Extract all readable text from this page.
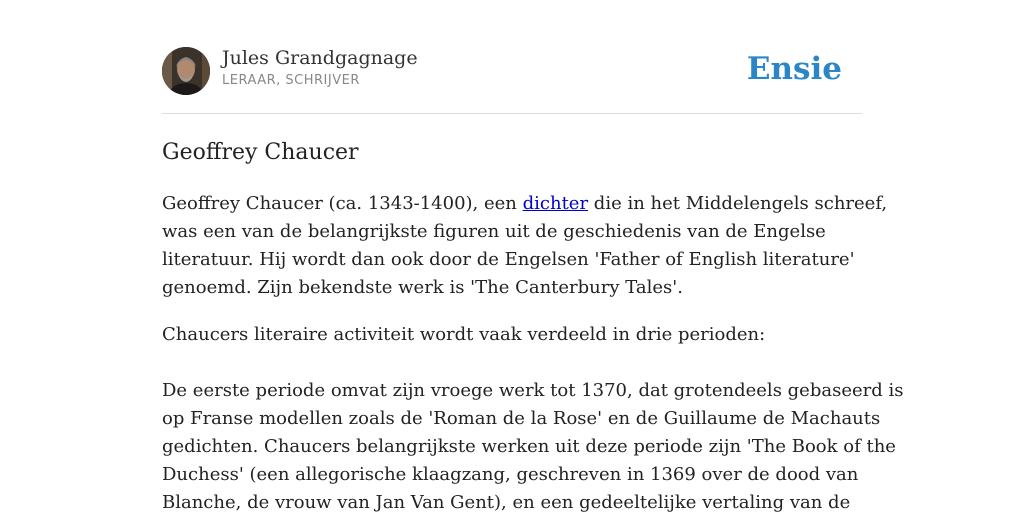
Jules Grandgagnage
LERAAR, SCHRIJVER	Ensie
Geoffrey Chaucer

Geoffrey Chaucer (ca. 1343-1400), een dichter die in het Middelengels schreef,
was een van de belangrijkste figuren uit de geschiedenis van de Engelse
literatuur. Hij wordt dan ook door de Engelsen 'Father of English literature'
genoemd. Zijn bekendste werk is 'The Canterbury Tales'.

Chaucers literaire activiteit wordt vaak verdeeld in drie perioden:

De eerste periode omvat zijn vroege werk tot 1370, dat grotendeels gebaseerd is
op Franse modellen zoals de 'Roman de la Rose' en de Guillaume de Machauts
gedichten. Chaucers belangrijkste werken uit deze periode zijn 'The Book of the
Duchess' (een allegorische klaagzang, geschreven in 1369 over de dood van
Blanche, de vrouw van Jan Van Gent), en een gedeeltelijke vertaling van de
